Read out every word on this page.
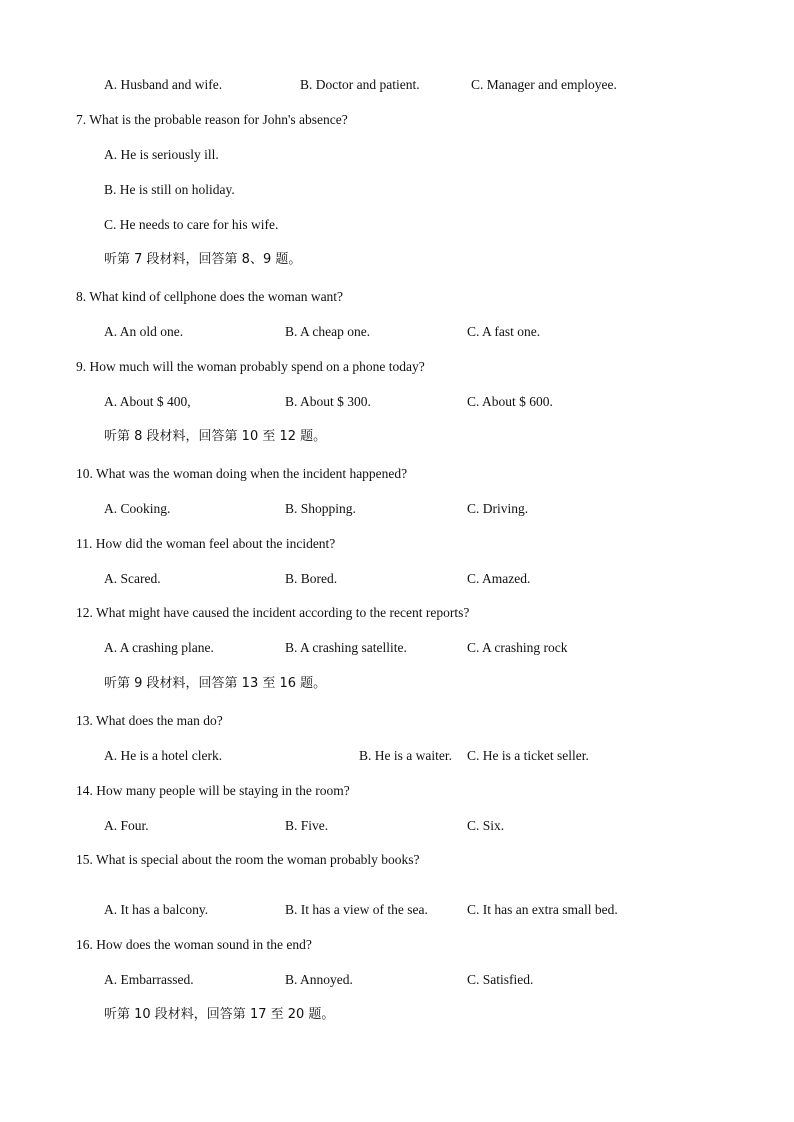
A. Husband and wife.	B. Doctor and patient.	C. Manager and employee.
7. What is the probable reason for John's absence?
A. He is seriously ill.
B. He is still on holiday.
C. He needs to care for his wife.
听第 7 段材料，回答第 8、9 题。
8. What kind of cellphone does the woman want?
A. An old one.	B. A cheap one.	C. A fast one.
9. How much will the woman probably spend on a phone today?
A. About $ 400,	B. About $ 300.	C. About $ 600.
听第 8 段材料，回答第 10 至 12 题。
10. What was the woman doing when the incident happened?
A. Cooking.	B. Shopping.	C. Driving.
11. How did the woman feel about the incident?
A. Scared.	B. Bored.	C. Amazed.
12. What might have caused the incident according to the recent reports?
A. A crashing plane.	B. A crashing satellite.	C. A crashing rock
听第 9 段材料，回答第 13 至 16 题。
13. What does the man do?
A. He is a hotel clerk.	B. He is a waiter. C. He is a ticket seller.
14. How many people will be staying in the room?
A. Four.	B. Five.	C. Six.
15. What is special about the room the woman probably books?
A. It has a balcony.	B. It has a view of the sea.	C. It has an extra small bed.
16. How does the woman sound in the end?
A. Embarrassed.	B. Annoyed.	C. Satisfied.
听第 10 段材料，回答第 17 至 20 题。
